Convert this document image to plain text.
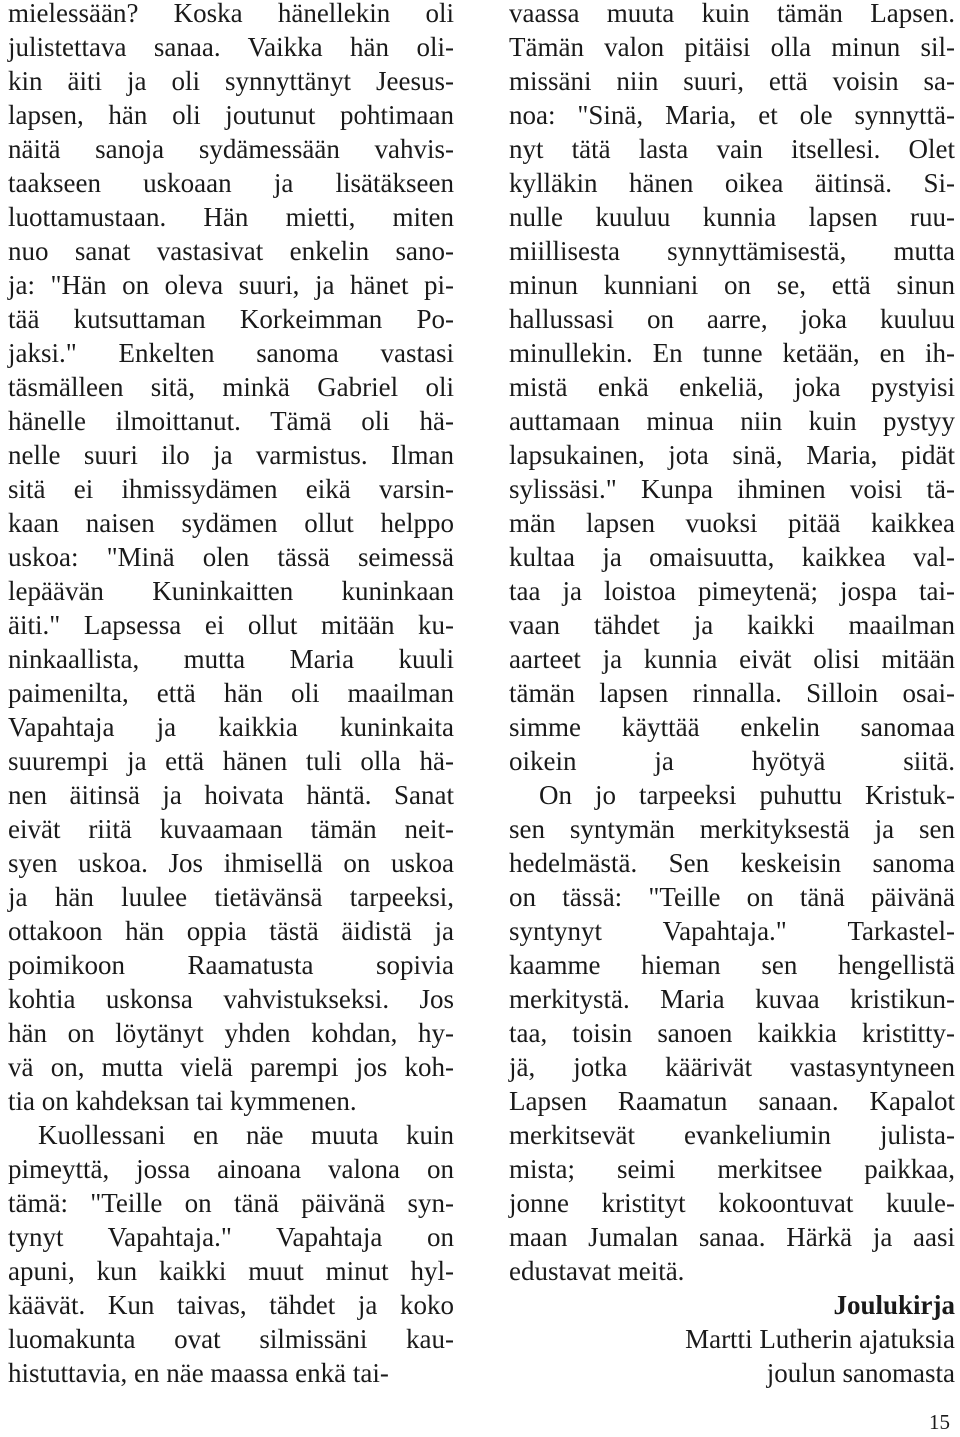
mielessään? Koska hänellekin oli
julistettava sanaa. Vaikka hän oli-
kin äiti ja oli synnyttänyt Jeesus-
lapsen, hän oli joutunut pohtimaan
näitä sanoja sydämessään vahvis-
taakseen uskoaan ja lisätäkseen
luottamustaan. Hän mietti, miten
nuo sanat vastasivat enkelin sano-
ja: "Hän on oleva suuri, ja hänet pi-
tää kutsuttaman Korkeimman Po-
jaksi." Enkelten sanoma vastasi
täsmälleen sitä, minkä Gabriel oli
hänelle ilmoittanut. Tämä oli hä-
nelle suuri ilo ja varmistus. Ilman
sitä ei ihmissydämen eikä varsin-
kaan naisen sydämen ollut helppo
uskoa: "Minä olen tässä seimessä
lepäävän Kuninkaitten kuninkaan
äiti." Lapsessa ei ollut mitään ku-
ninkaallista, mutta Maria kuuli
paimenilta, että hän oli maailman
Vapahtaja ja kaikkia kuninkaita
suurempi ja että hänen tuli olla hä-
nen äitinsä ja hoivata häntä. Sanat
eivät riitä kuvaamaan tämän neit-
syen uskoa. Jos ihmisellä on uskoa
ja hän luulee tietävänsä tarpeeksi,
ottakoon hän oppia tästä äidistä ja
poimikoon Raamatusta sopivia
kohtia uskonsa vahvistukseksi. Jos
hän on löytänyt yhden kohdan, hy-
vä on, mutta vielä parempi jos koh-
tia on kahdeksan tai kymmenen.
Kuollessani en näe muuta kuin
pimeyttä, jossa ainoana valona on
tämä: "Teille on tänä päivänä syn-
tynyt Vapahtaja." Vapahtaja on
apuni, kun kaikki muut minut hyl-
käävät. Kun taivas, tähdet ja koko
luomakunta ovat silmissäni kau-
histuttavia, en näe maassa enkä tai-
vaassa muuta kuin tämän Lapsen.
Tämän valon pitäisi olla minun sil-
missäni niin suuri, että voisin sa-
noa: "Sinä, Maria, et ole synnyttä-
nyt tätä lasta vain itsellesi. Olet
kylläkin hänen oikea äitinsä. Si-
nulle kuuluu kunnia lapsen ruu-
miillisesta synnyttämisestä, mutta
minun kunniani on se, että sinun
hallussasi on aarre, joka kuuluu
minullekin. En tunne ketään, en ih-
mistä enkä enkeliä, joka pystyisi
auttamaan minua niin kuin pystyy
lapsukainen, jota sinä, Maria, pidät
sylissäsi." Kunpa ihminen voisi tä-
män lapsen vuoksi pitää kaikkea
kultaa ja omaisuutta, kaikkea val-
taa ja loistoa pimeytenä; jospa tai-
vaan tähdet ja kaikki maailman
aarteet ja kunnia eivät olisi mitään
tämän lapsen rinnalla. Silloin osai-
simme käyttää enkelin sanomaa
oikein ja hyötyä siitä.
On jo tarpeeksi puhuttu Kristuk-
sen syntymän merkityksestä ja sen
hedelmästä. Sen keskeisin sanoma
on tässä: "Teille on tänä päivänä
syntynyt Vapahtaja." Tarkastel-
kaamme hieman sen hengellistä
merkitystä. Maria kuvaa kristikun-
taa, toisin sanoen kaikkia kristitty-
jä, jotka käärivät vastasyntyneen
Lapsen Raamatun sanaan. Kapalot
merkitsevät evankeliumin julista-
mista; seimi merkitsee paikkaa,
jonne kristityt kokoontuvat kuule-
maan Jumalan sanaa. Härkä ja aasi
edustavat meitä.
Joulukirja
Martti Lutherin ajatuksia
joulun sanomasta
15
